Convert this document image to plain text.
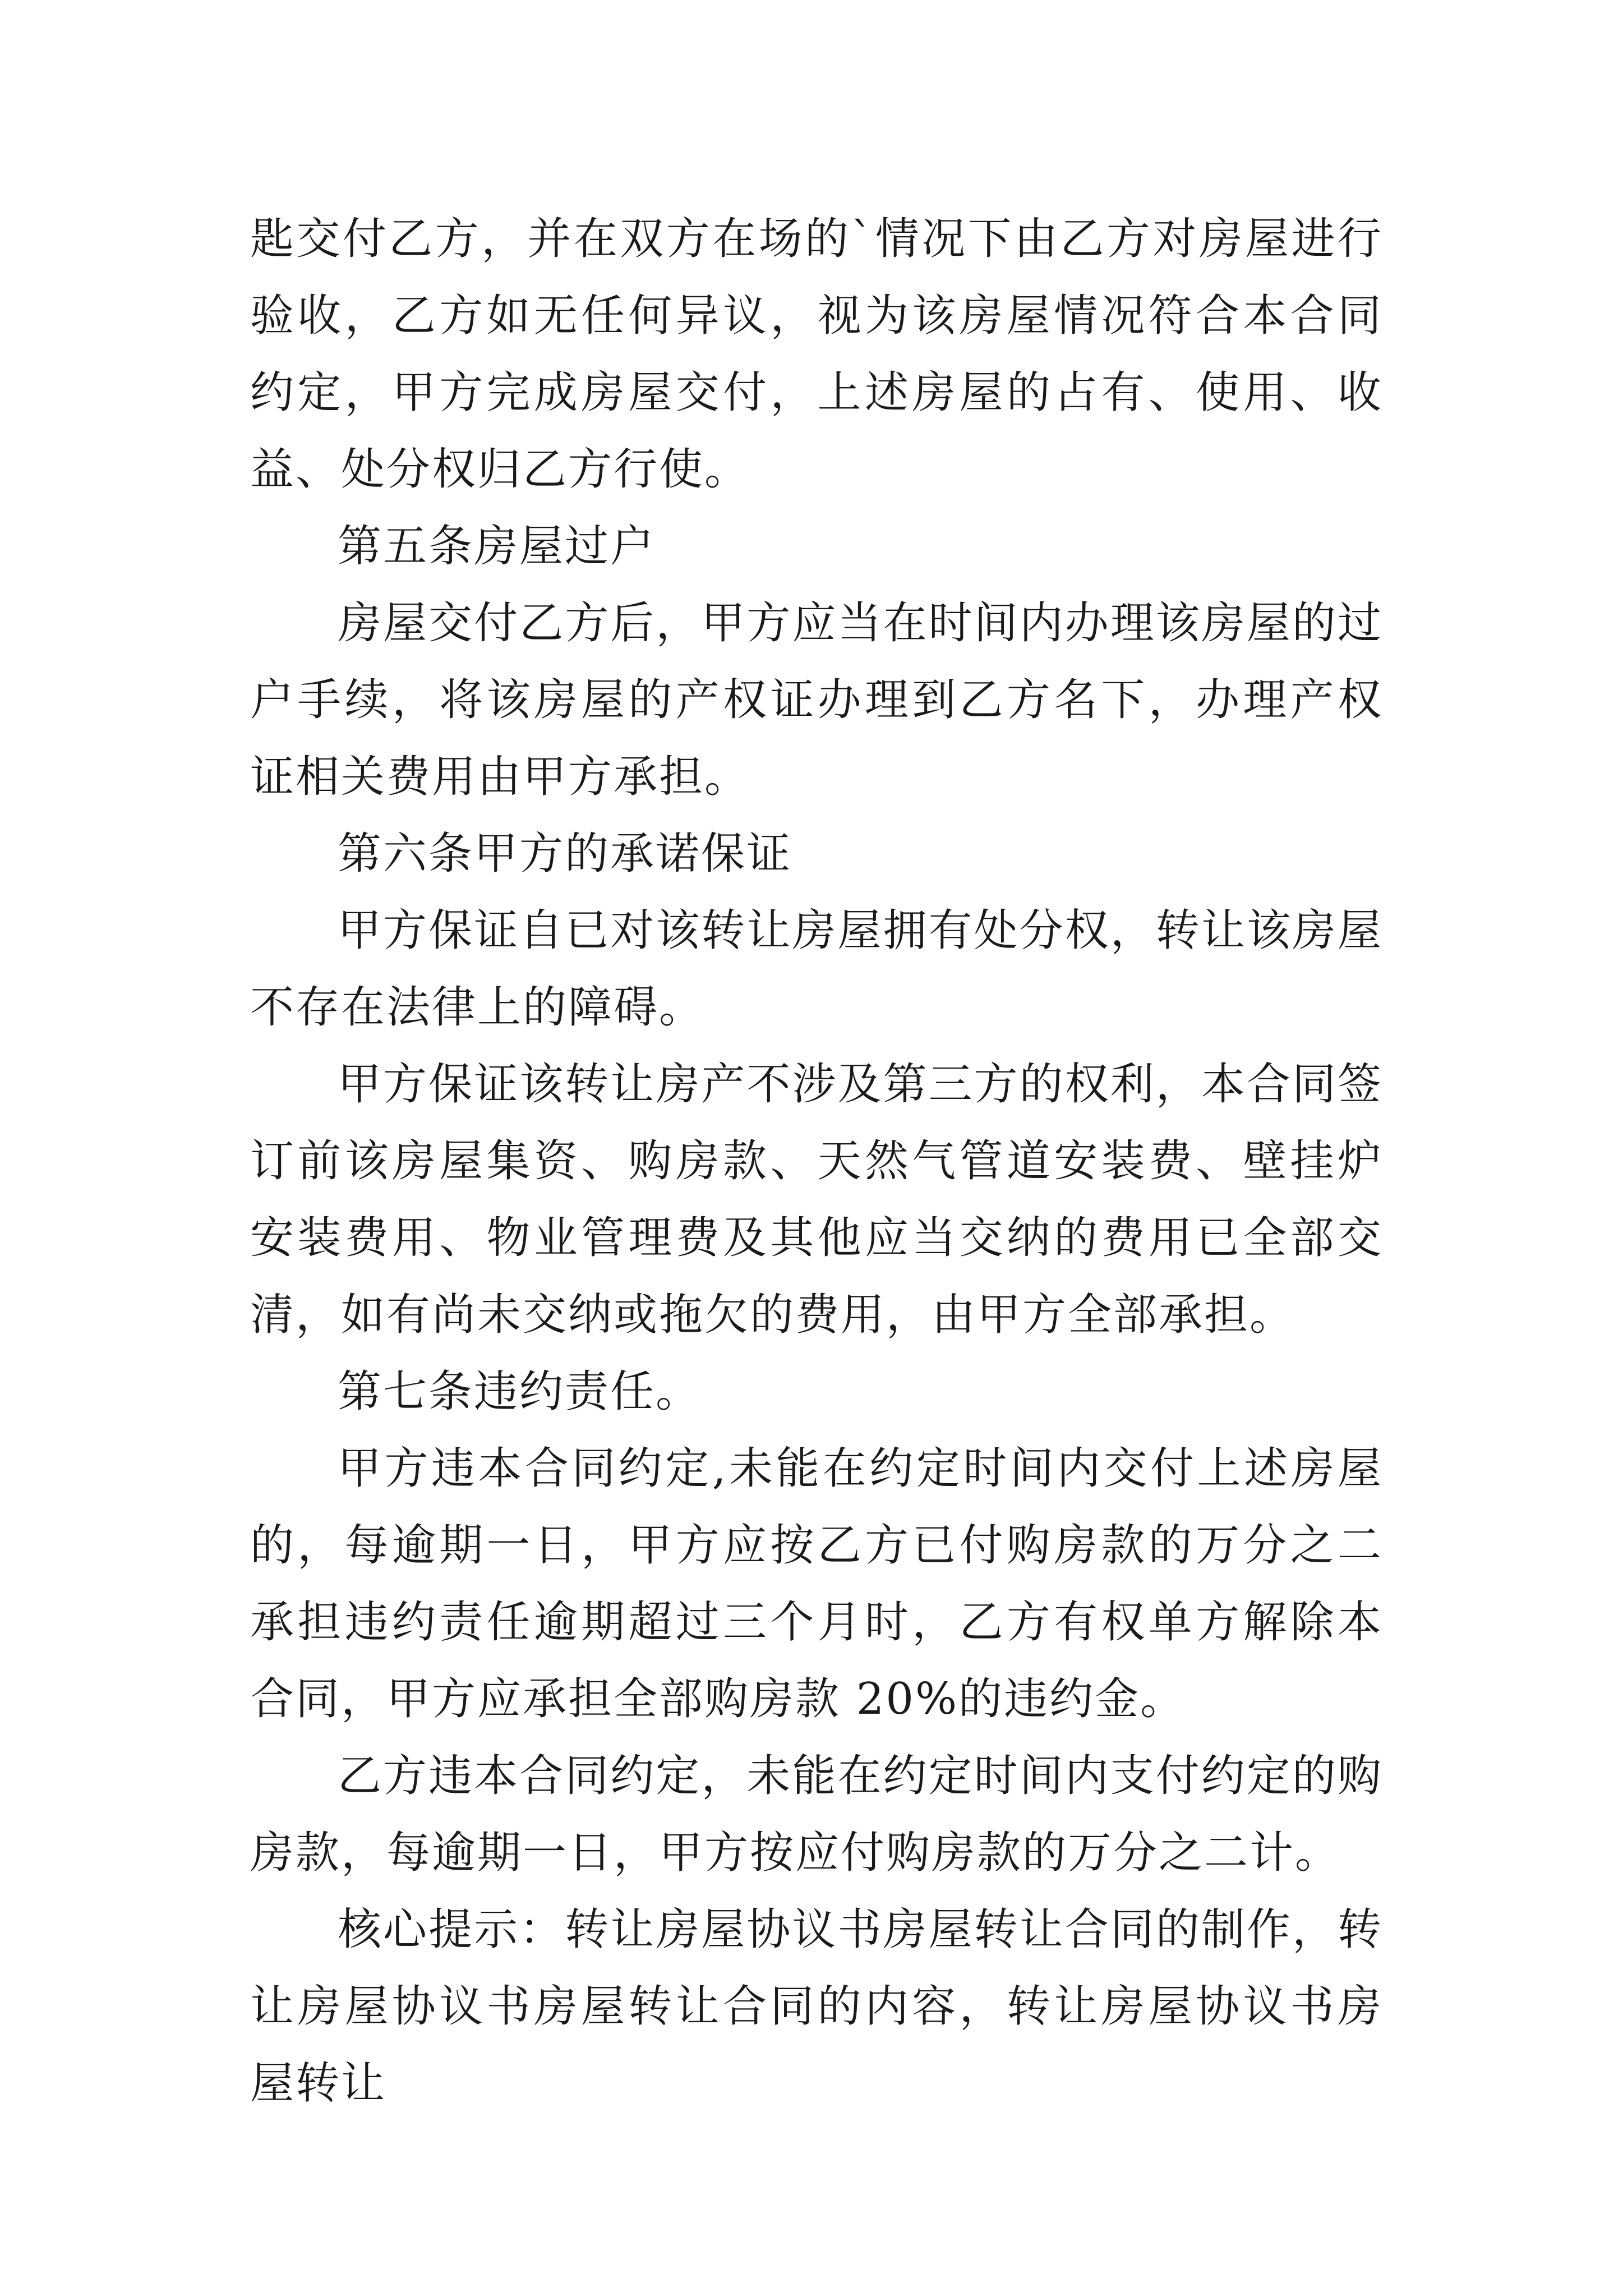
匙交付乙方，并在双方在场的`情况下由乙方对房屋进行验收，乙方如无任何异议，视为该房屋情况符合本合同约定，甲方完成房屋交付，上述房屋的占有、使用、收益、处分权归乙方行使。

第五条房屋过户

房屋交付乙方后，甲方应当在时间内办理该房屋的过户手续，将该房屋的产权证办理到乙方名下，办理产权证相关费用由甲方承担。

第六条甲方的承诺保证

甲方保证自已对该转让房屋拥有处分权，转让该房屋不存在法律上的障碍。

甲方保证该转让房产不涉及第三方的权利，本合同签订前该房屋集资、购房款、天然气管道安装费、壁挂炉安装费用、物业管理费及其他应当交纳的费用已全部交清，如有尚未交纳或拖欠的费用，由甲方全部承担。

第七条违约责任。

甲方违本合同约定,未能在约定时间内交付上述房屋的，每逾期一日，甲方应按乙方已付购房款的万分之二承担违约责任逾期超过三个月时，乙方有权单方解除本合同，甲方应承担全部购房款 20%的违约金。

乙方违本合同约定，未能在约定时间内支付约定的购房款，每逾期一日，甲方按应付购房款的万分之二计。

核心提示：转让房屋协议书房屋转让合同的制作，转让房屋协议书房屋转让合同的内容，转让房屋协议书房屋转让
